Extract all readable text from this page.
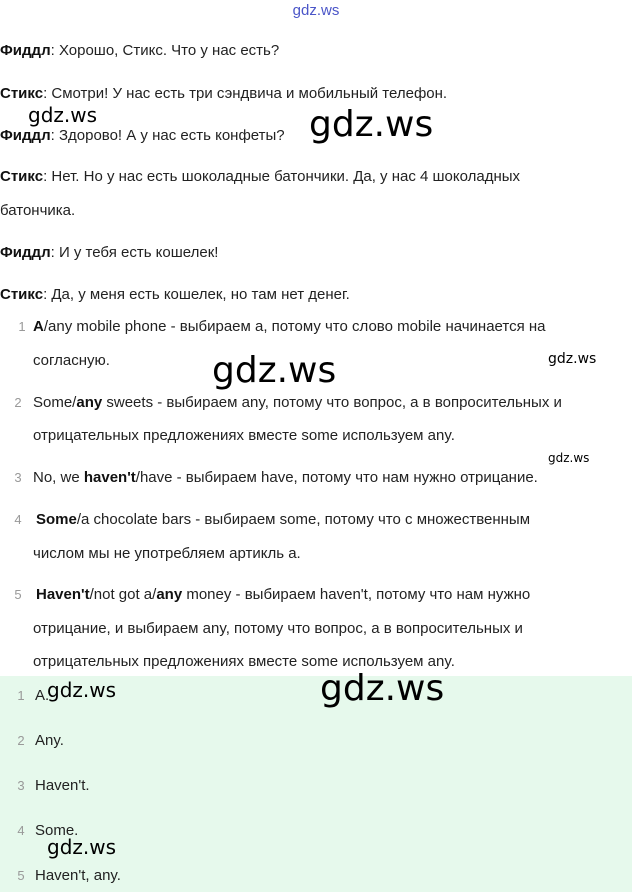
gdz.ws
Фиддл: Хорошо, Стикс. Что у нас есть?
Стикс: Смотри! У нас есть три сэндвича и мобильный телефон.
Фиддл: Здорово! А у нас есть конфеты?
Стикс: Нет. Но у нас есть шоколадные батончики. Да, у нас 4 шоколадных
батончика.
Фиддл: И у тебя есть кошелек!
Стикс: Да, у меня есть кошелек, но там нет денег.
1 A/any mobile phone - выбираем a, потому что слово mobile начинается на
согласную.
2 Some/any sweets - выбираем any, потому что вопрос, а в вопросительных и
отрицательных предложениях вместе some используем any.
3 No, we haven't/have - выбираем have, потому что нам нужно отрицание.
4 Some/a chocolate bars - выбираем some, потому что с множественным
числом мы не употребляем артикль a.
5 Haven't/not got a/any money - выбираем haven't, потому что нам нужно
отрицание, и выбираем any, потому что вопрос, а в вопросительных и
отрицательных предложениях вместе some используем any.
1 A.
2 Any.
3 Haven't.
4 Some.
5 Haven't, any.
gdz.ws	gdz.ws
gdz.ws	gdz.ws
gdz.ws
gdz.ws
gdz.ws
gdz.ws
